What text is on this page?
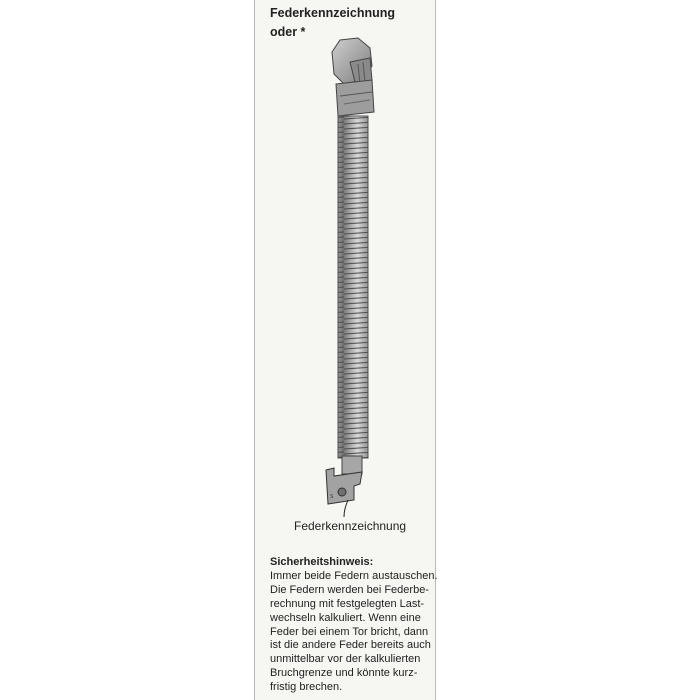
Federkennzeichnung
oder *
S
Federkennzeichnung
Sicherheitshinweis:
Immer beide Federn austauschen.
Die Federn werden bei Federbe-
rechnung mit festgelegten Last-
wechseln kalkuliert. Wenn eine
Feder bei einem Tor bricht, dann
ist die andere Feder bereits auch
unmittelbar vor der kalkulierten
Bruchgrenze und könnte kurz-
fristig brechen.
